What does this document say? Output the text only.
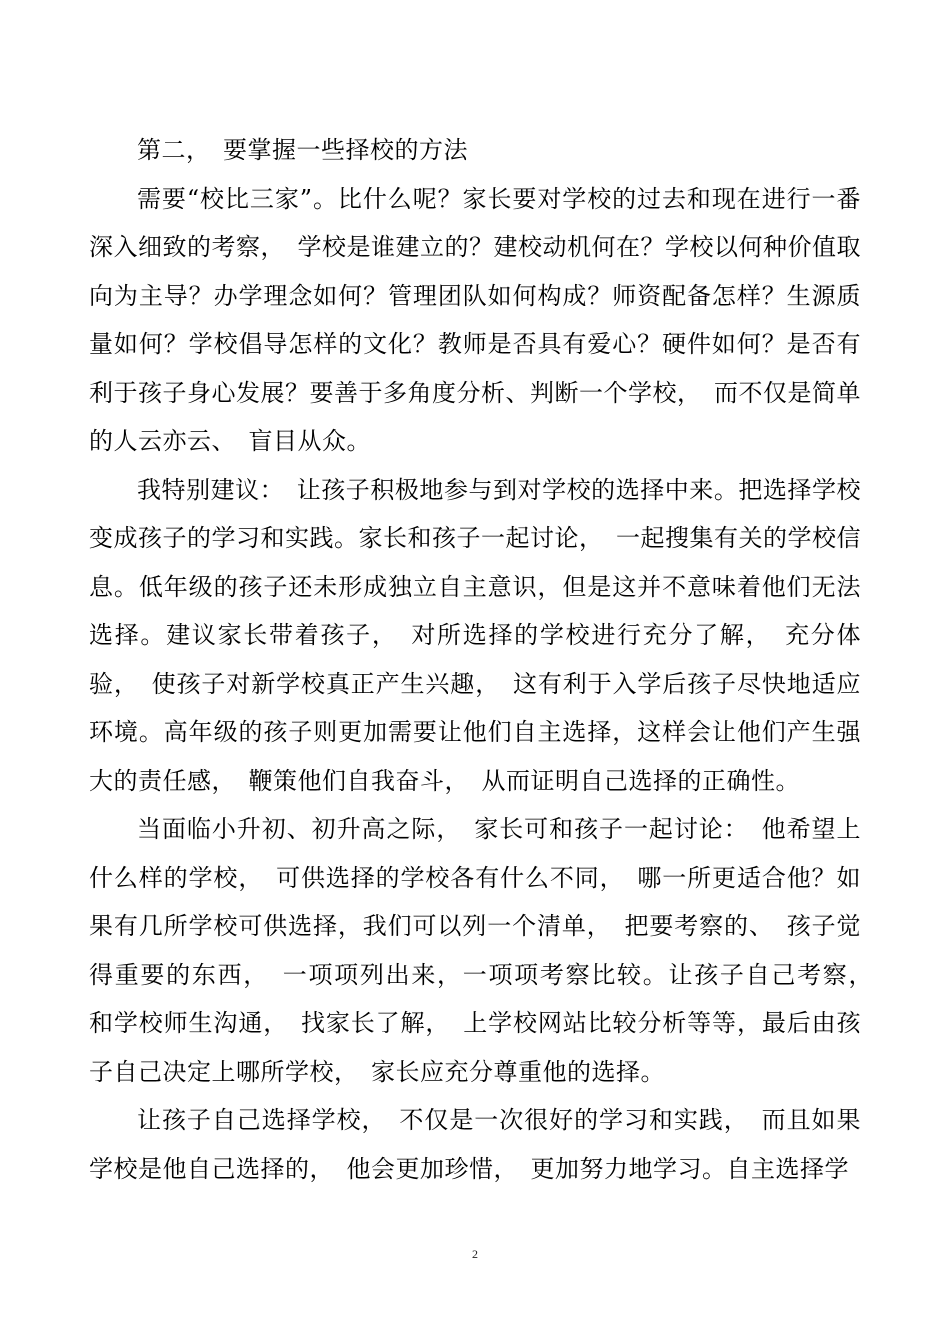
第二，　要掌握一些择校的方法

需要“校比三家”。比什么呢？家长要对学校的过去和现在进行一番深入细致的考察，　学校是谁建立的？建校动机何在？学校以何种价值取向为主导？办学理念如何？管理团队如何构成？师资配备怎样？生源质量如何？学校倡导怎样的文化？教师是否具有爱心？硬件如何？是否有利于孩子身心发展？要善于多角度分析、判断一个学校，　而不仅是简单的人云亦云、　盲目从众。

我特别建议：　让孩子积极地参与到对学校的选择中来。把选择学校变成孩子的学习和实践。家长和孩子一起讨论，　一起搜集有关的学校信息。低年级的孩子还未形成独立自主意识，但是这并不意味着他们无法选择。建议家长带着孩子，　对所选择的学校进行充分了解，　充分体验，　使孩子对新学校真正产生兴趣，　这有利于入学后孩子尽快地适应环境。高年级的孩子则更加需要让他们自主选择，这样会让他们产生强大的责任感，　鞭策他们自我奋斗，　从而证明自己选择的正确性。

当面临小升初、初升高之际，　家长可和孩子一起讨论：　他希望上什么样的学校，　可供选择的学校各有什么不同，　哪一所更适合他？如果有几所学校可供选择，我们可以列一个清单，　把要考察的、　孩子觉得重要的东西，　一项项列出来，一项项考察比较。让孩子自己考察，　和学校师生沟通，　找家长了解，　上学校网站比较分析等等，最后由孩子自己决定上哪所学校，　家长应充分尊重他的选择。

让孩子自己选择学校，　不仅是一次很好的学习和实践，　而且如果学校是他自己选择的，　他会更加珍惜，　更加努力地学习。自主选择学

2
